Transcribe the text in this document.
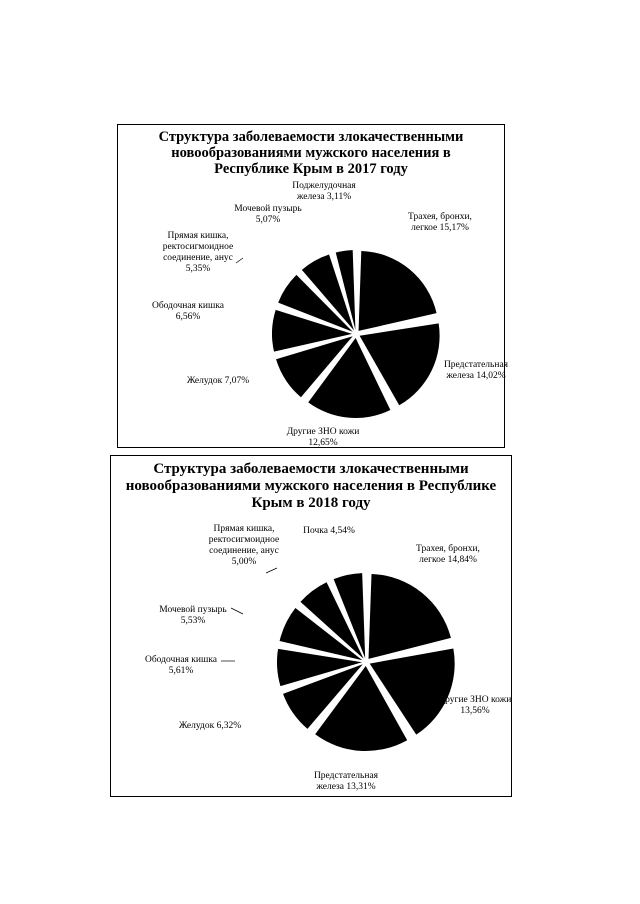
Структура заболеваемости злокачественными
новообразованиями мужского населения в
Республике Крым в 2017 году

Трахея, бронхи, легкое 15,17%
Предстательная железа 14,02%
Другие ЗНО кожи 12,65%
Желудок 7,07%
Ободочная кишка 6,56%
Прямая кишка, ректосигмоидное соединение, анус 5,35%
Мочевой пузырь 5,07%
Поджелудочная железа 3,11%

Структура заболеваемости злокачественными
новообразованиями мужского населения в Республике
Крым в 2018 году

Трахея, бронхи, легкое 14,84%
Другие ЗНО кожи 13,56%
Предстательная железа 13,31%
Желудок 6,32%
Ободочная кишка 5,61%
Мочевой пузырь 5,53%
Прямая кишка, ректосигмоидное соединение, анус 5,00%
Почка 4,54%
